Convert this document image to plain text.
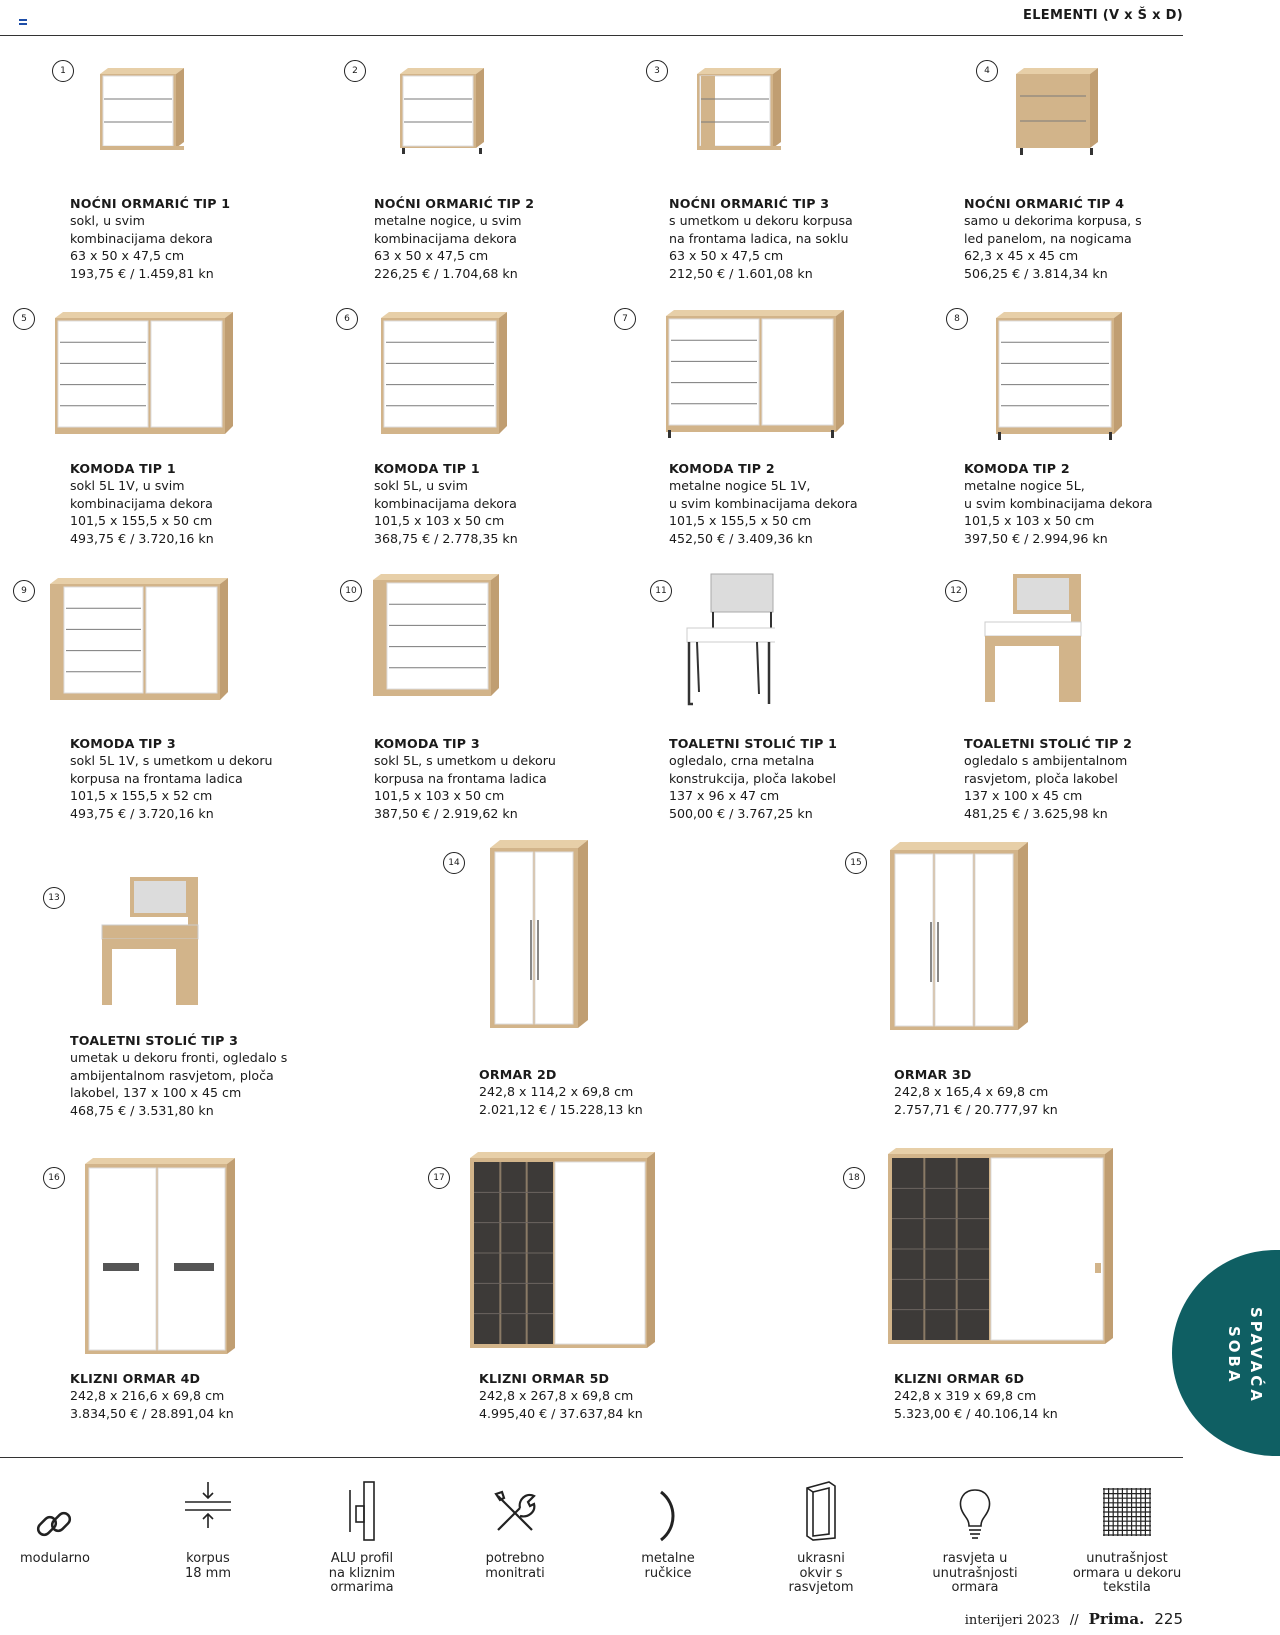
ELEMENTI (V x Š x D)
1
NOĆNI ORMARIĆ TIP 1
sokl, u svim
kombinacijama dekora
63 x 50 x 47,5 cm
193,75 € / 1.459,81 kn
2
NOĆNI ORMARIĆ TIP 2
metalne nogice, u svim
kombinacijama dekora
63 x 50 x 47,5 cm
226,25 € / 1.704,68 kn
3
NOĆNI ORMARIĆ TIP 3
s umetkom u dekoru korpusa
na frontama ladica, na soklu
63 x 50 x 47,5 cm
212,50 € / 1.601,08 kn
4
NOĆNI ORMARIĆ TIP 4
samo u dekorima korpusa, s
led panelom, na nogicama
62,3 x 45 x 45 cm
506,25 € / 3.814,34 kn
5
KOMODA TIP 1
sokl 5L 1V, u svim
kombinacijama dekora
101,5 x 155,5 x 50 cm
493,75 € / 3.720,16 kn
6
KOMODA TIP 1
sokl 5L, u svim
kombinacijama dekora
101,5 x 103 x 50 cm
368,75 € / 2.778,35 kn
7
KOMODA TIP 2
metalne nogice 5L 1V,
u svim kombinacijama dekora
101,5 x 155,5 x 50 cm
452,50 € / 3.409,36 kn
8
KOMODA TIP 2
metalne nogice 5L,
u svim kombinacijama dekora
101,5 x 103 x 50 cm
397,50 € / 2.994,96 kn
9
KOMODA TIP 3
sokl 5L 1V, s umetkom u dekoru
korpusa na frontama ladica
101,5 x 155,5 x 52 cm
493,75 € / 3.720,16 kn
10
KOMODA TIP 3
sokl 5L, s umetkom u dekoru
korpusa na frontama ladica
101,5 x 103 x 50 cm
387,50 € / 2.919,62 kn
11
TOALETNI STOLIĆ TIP 1
ogledalo, crna metalna
konstrukcija, ploča lakobel
137 x 96 x 47 cm
500,00 € / 3.767,25 kn
12
TOALETNI STOLIĆ TIP 2
ogledalo s ambijentalnom
rasvjetom, ploča lakobel
137 x 100 x 45 cm
481,25 € / 3.625,98 kn
13
TOALETNI STOLIĆ TIP 3
umetak u dekoru fronti, ogledalo s
ambijentalnom rasvjetom, ploča
lakobel, 137 x 100 x 45 cm
468,75 € / 3.531,80 kn
14
ORMAR 2D
242,8 x 114,2 x 69,8 cm
2.021,12 € / 15.228,13 kn
15
ORMAR 3D
242,8 x 165,4 x 69,8 cm
2.757,71 € / 20.777,97 kn
16
KLIZNI ORMAR 4D
242,8 x 216,6 x 69,8 cm
3.834,50 € / 28.891,04 kn
17
KLIZNI ORMAR 5D
242,8 x 267,8 x 69,8 cm
4.995,40 € / 37.637,84 kn
18
KLIZNI ORMAR 6D
242,8 x 319 x 69,8 cm
5.323,00 € / 40.106,14 kn
modularno	korpus
18 mm
ALU profil
na kliznim
ormarima
potrebno
monitrati
metalne
ručkice
ukrasni
okvir s
rasvjetom
rasvjeta u
unutrašnjosti
ormara
unutrašnjost
ormara u dekoru
tekstila
SPAVAĆA SOBA
interijeri 2023 // Prima. 225
